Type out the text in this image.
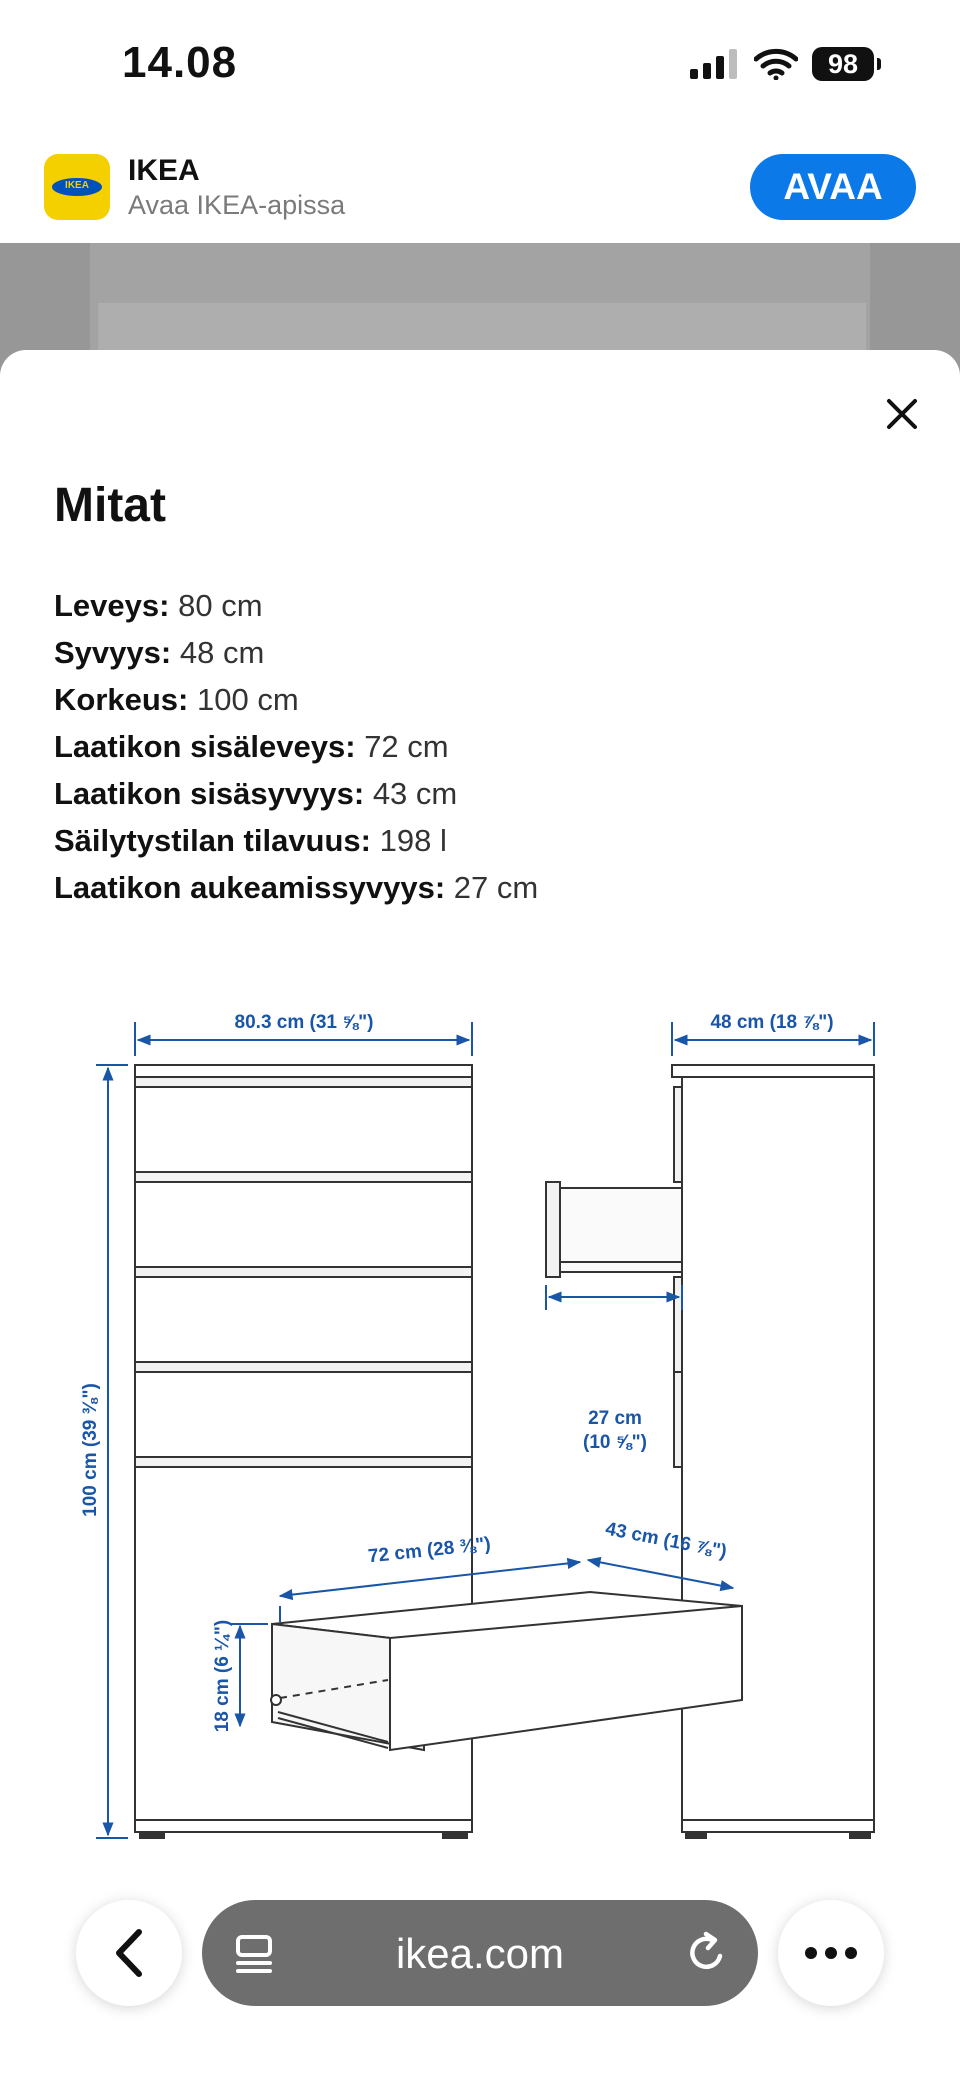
14.08	98
IKEA	IKEA
Avaa IKEA-apissa	AVAA
Mitat
Leveys: 80 cm
Syvyys: 48 cm
Korkeus: 100 cm
Laatikon sisäleveys: 72 cm
Laatikon sisäsyvyys: 43 cm
Säilytystilan tilavuus: 198 l
Laatikon aukeamissyvyys: 27 cm
80.3 cm (31 ⅝")
100 cm (39 ⅜")
48 cm (18 ⅞")
27 cm
(10 ⅝")
72 cm (28 ⅜")	43 cm (16 ⅞")
18 cm (6 ¼")
ikea.com
